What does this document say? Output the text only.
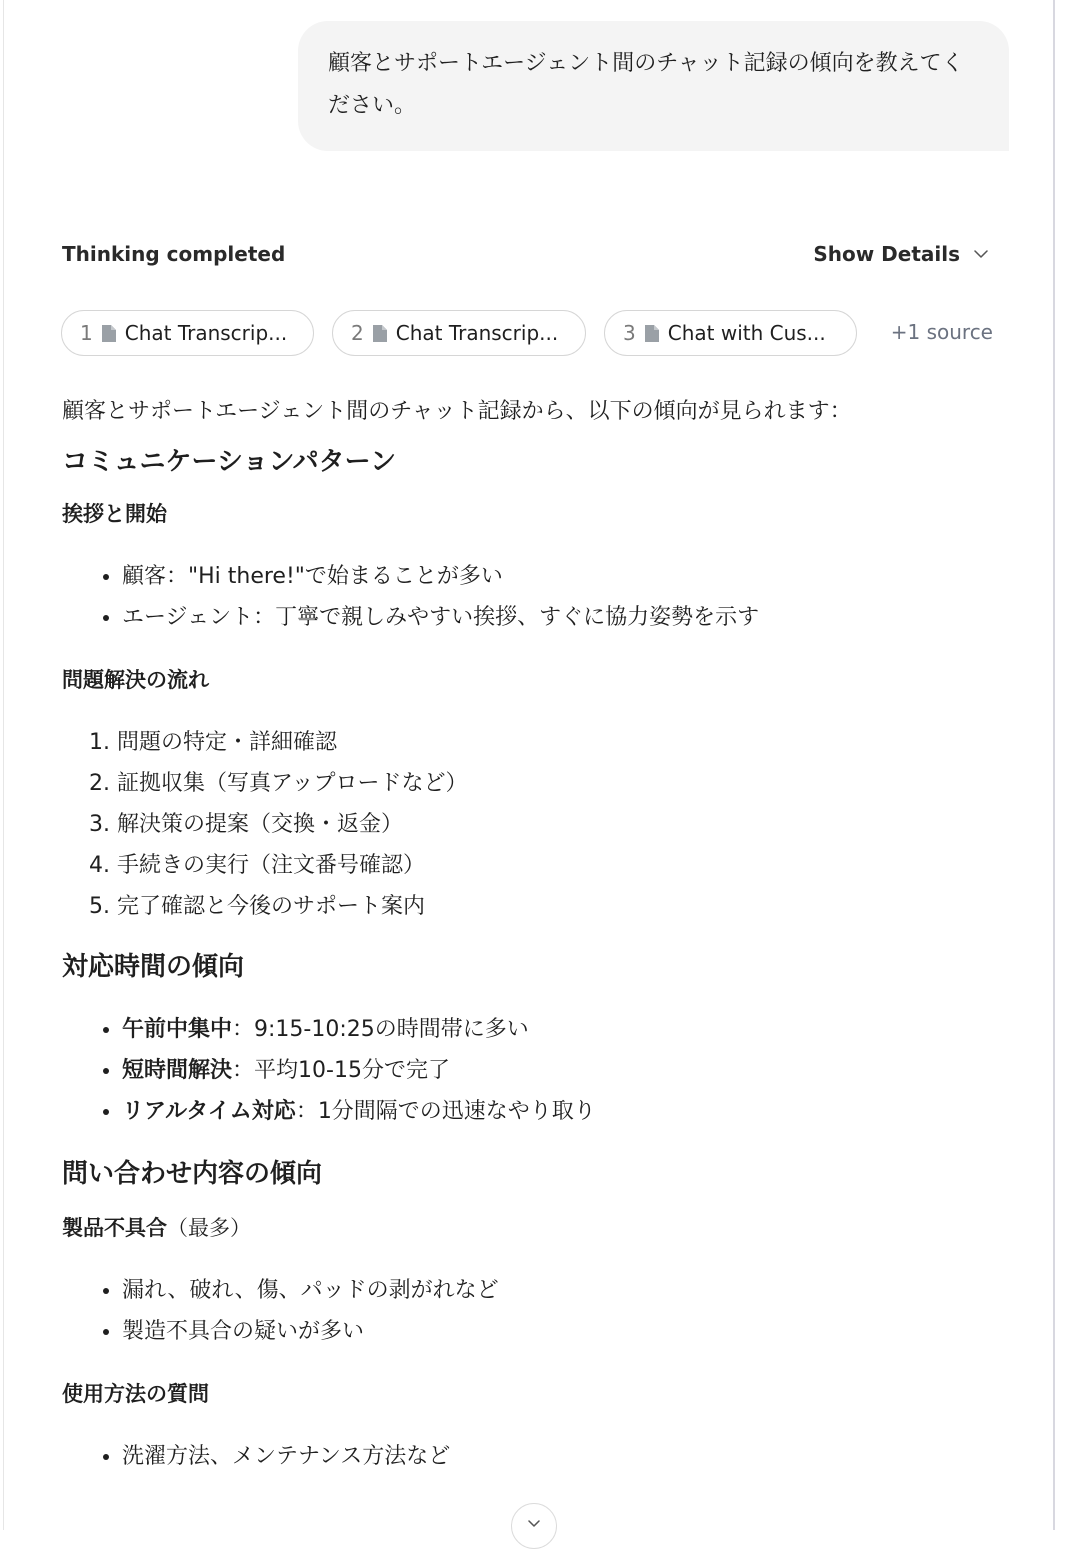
顧客とサポートエージェント間のチャット記録の傾向を教えてください。
Thinking completed	Show Details
1 Chat Transcrip...	2 Chat Transcrip...	3 Chat with Cus...	+1 source

顧客とサポートエージェント間のチャット記録から、以下の傾向が見られます：

コミュニケーションパターン
挨拶と開始
• 顧客："Hi there!"で始まることが多い
• エージェント：丁寧で親しみやすい挨拶、すぐに協力姿勢を示す
問題解決の流れ
1. 問題の特定・詳細確認
2. 証拠収集（写真アップロードなど）
3. 解決策の提案（交換・返金）
4. 手続きの実行（注文番号確認）
5. 完了確認と今後のサポート案内
対応時間の傾向
• 午前中集中：9:15-10:25の時間帯に多い
• 短時間解決：平均10-15分で完了
• リアルタイム対応：1分間隔での迅速なやり取り
問い合わせ内容の傾向
製品不具合（最多）
• 漏れ、破れ、傷、パッドの剥がれなど
• 製造不具合の疑いが多い
使用方法の質問
• 洗濯方法、メンテナンス方法など
